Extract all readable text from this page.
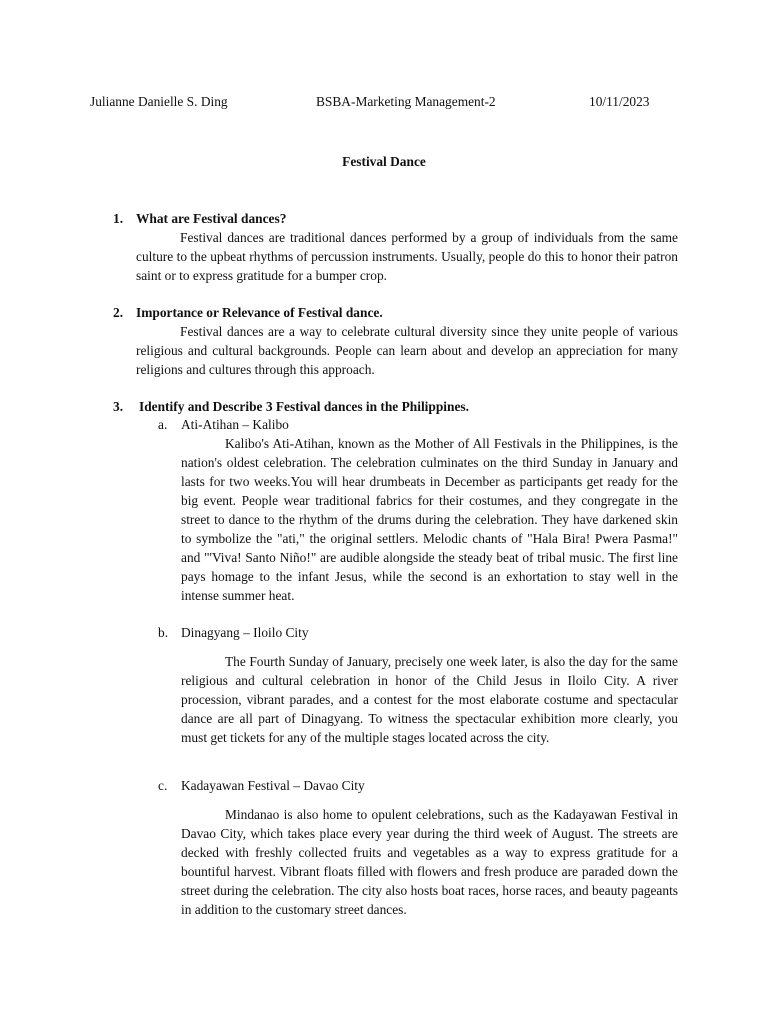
Julianne Danielle S. Ding	BSBA-Marketing Management-2	10/11/2023
Festival Dance
1. What are Festival dances?
Festival dances are traditional dances performed by a group of individuals from the same culture to the upbeat rhythms of percussion instruments. Usually, people do this to honor their patron saint or to express gratitude for a bumper crop.
2. Importance or Relevance of Festival dance.
Festival dances are a way to celebrate cultural diversity since they unite people of various religious and cultural backgrounds. People can learn about and develop an appreciation for many religions and cultures through this approach.
3. Identify and Describe 3 Festival dances in the Philippines.
a. Ati-Atihan – Kalibo
Kalibo's Ati-Atihan, known as the Mother of All Festivals in the Philippines, is the nation's oldest celebration. The celebration culminates on the third Sunday in January and lasts for two weeks.You will hear drumbeats in December as participants get ready for the big event. People wear traditional fabrics for their costumes, and they congregate in the street to dance to the rhythm of the drums during the celebration. They have darkened skin to symbolize the "ati," the original settlers. Melodic chants of "Hala Bira! Pwera Pasma!" and "'Viva! Santo Niño!" are audible alongside the steady beat of tribal music. The first line pays homage to the infant Jesus, while the second is an exhortation to stay well in the intense summer heat.
b. Dinagyang – Iloilo City
The Fourth Sunday of January, precisely one week later, is also the day for the same religious and cultural celebration in honor of the Child Jesus in Iloilo City. A river procession, vibrant parades, and a contest for the most elaborate costume and spectacular dance are all part of Dinagyang. To witness the spectacular exhibition more clearly, you must get tickets for any of the multiple stages located across the city.
c. Kadayawan Festival – Davao City
Mindanao is also home to opulent celebrations, such as the Kadayawan Festival in Davao City, which takes place every year during the third week of August. The streets are decked with freshly collected fruits and vegetables as a way to express gratitude for a bountiful harvest. Vibrant floats filled with flowers and fresh produce are paraded down the street during the celebration. The city also hosts boat races, horse races, and beauty pageants in addition to the customary street dances.
